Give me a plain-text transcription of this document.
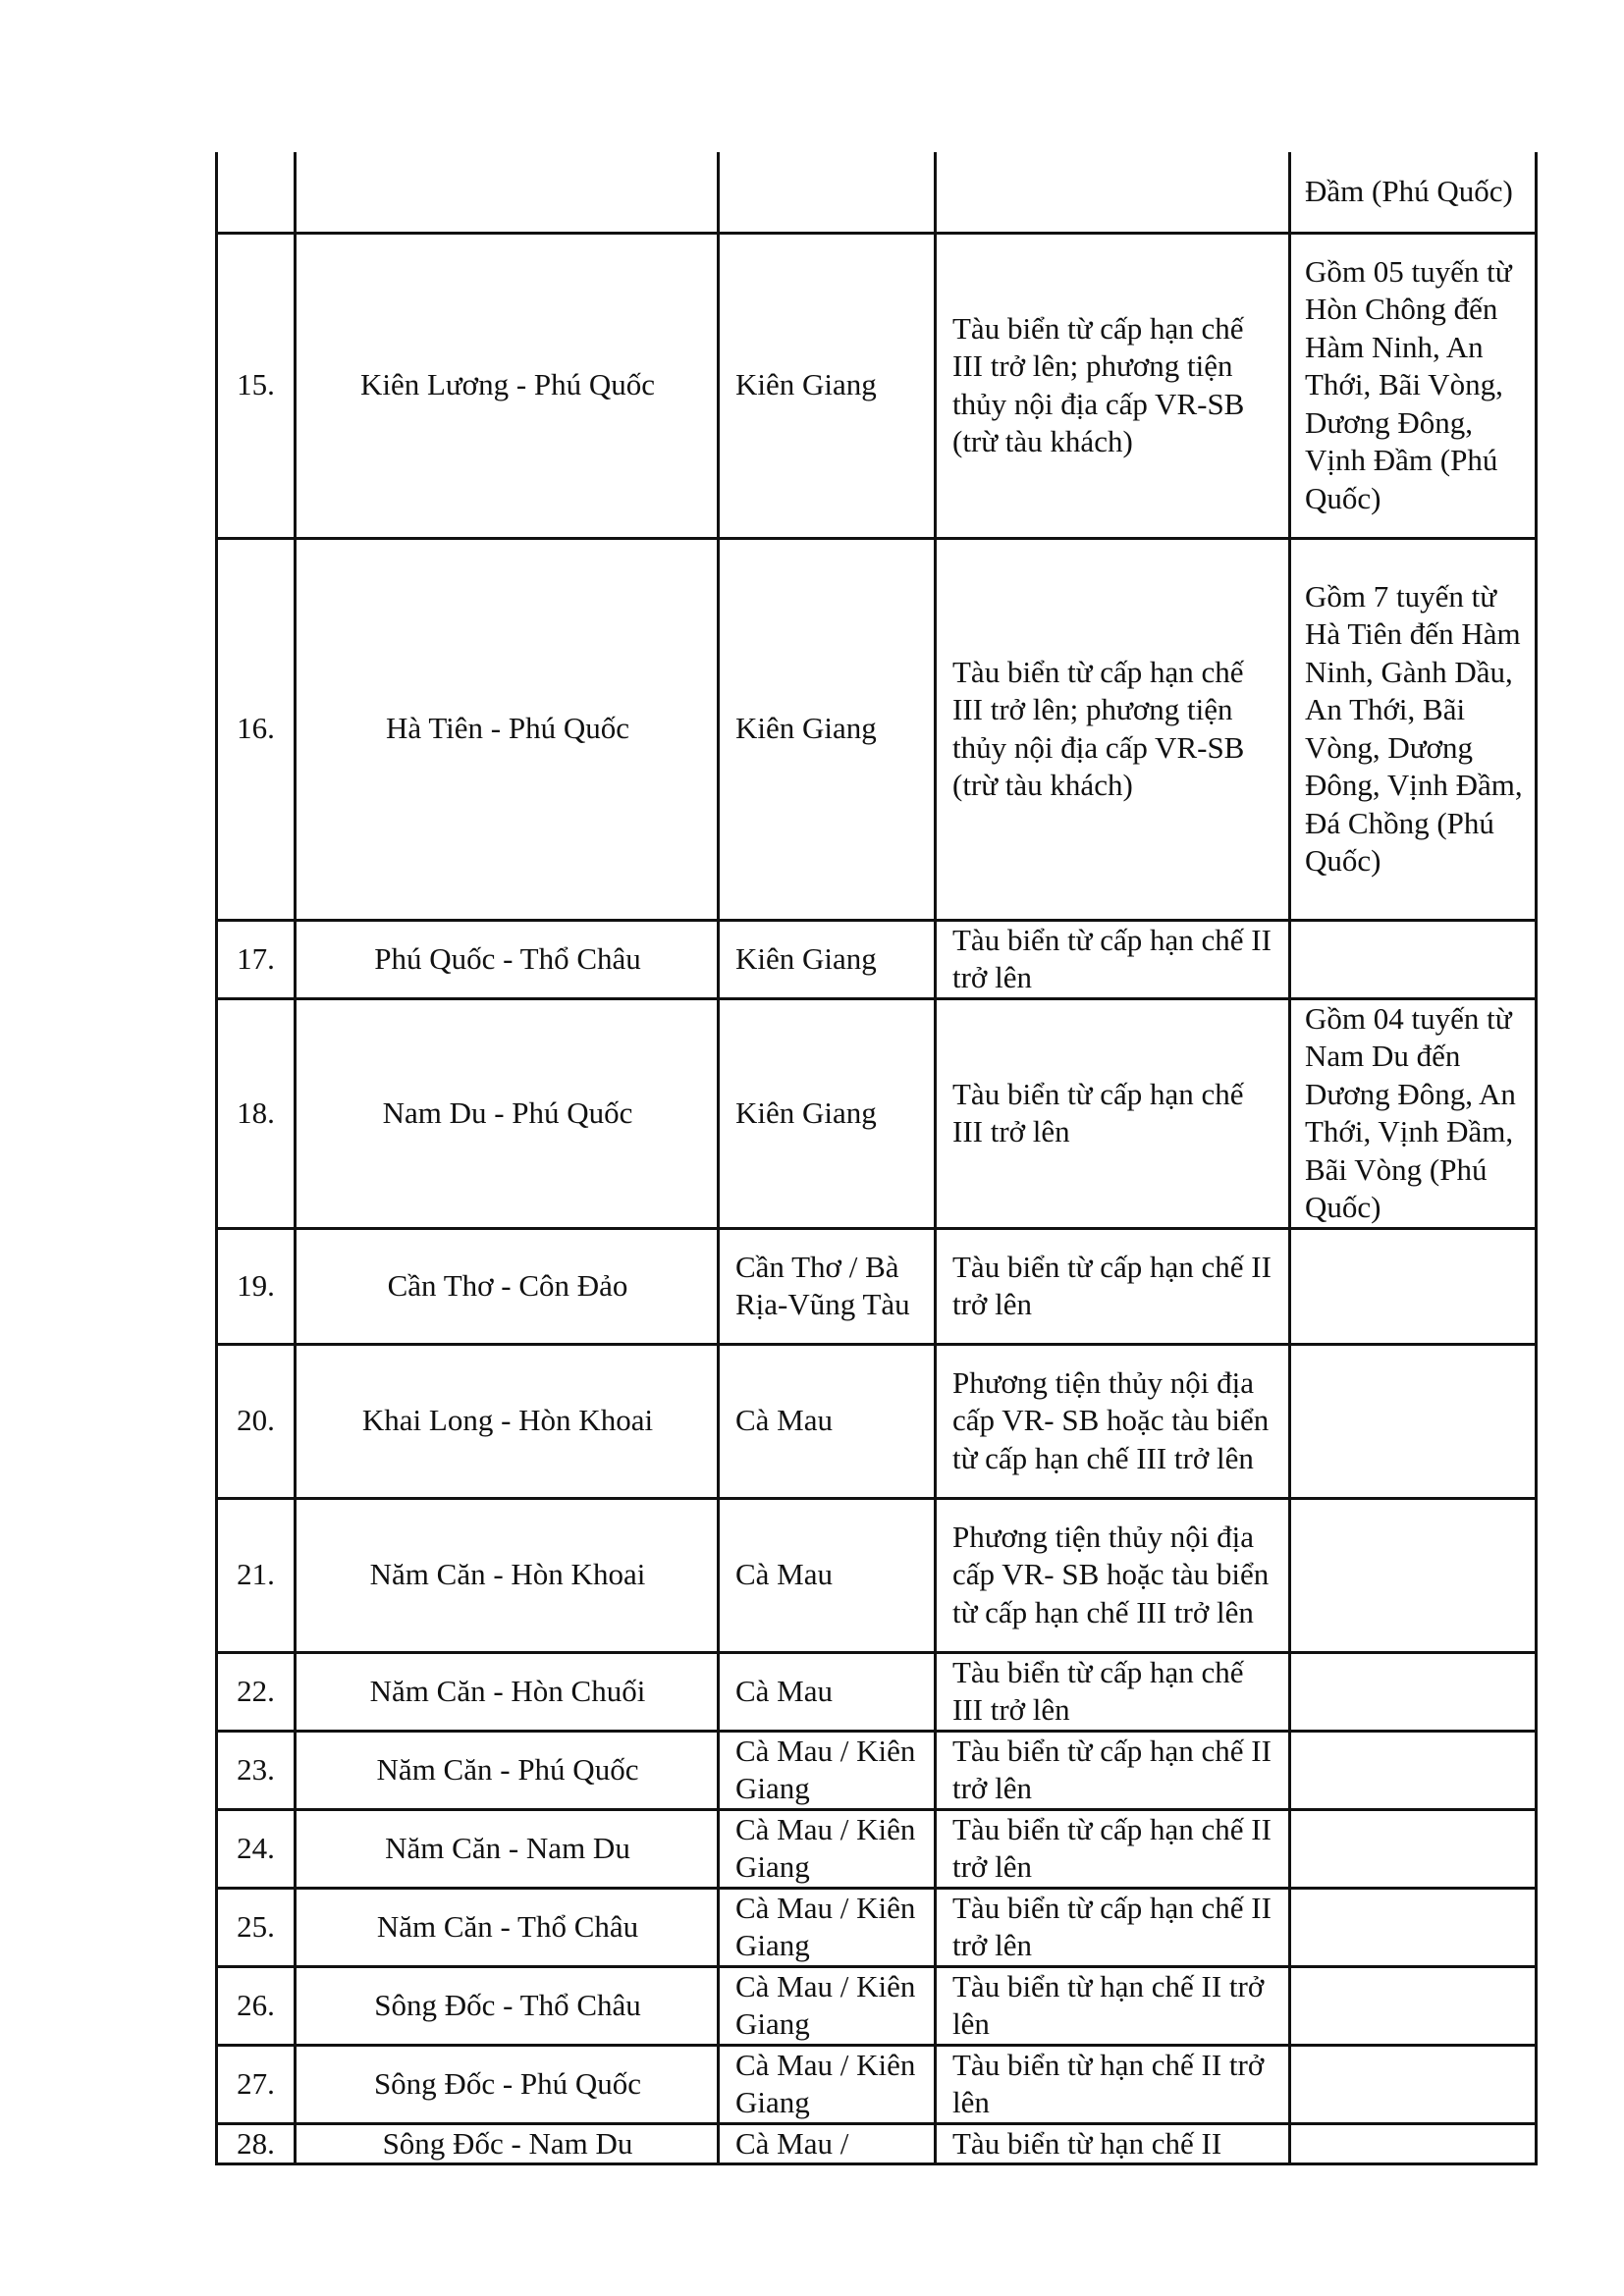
				Đầm (Phú Quốc)
15.	Kiên Lương - Phú Quốc	Kiên Giang	Tàu biển từ cấp hạn chế III trở lên; phương tiện thủy nội địa cấp VR-SB (trừ tàu khách)	Gồm 05 tuyến từ Hòn Chông đến Hàm Ninh, An Thới, Bãi Vòng, Dương Đông, Vịnh Đầm (Phú Quốc)
16.	Hà Tiên - Phú Quốc	Kiên Giang	Tàu biển từ cấp hạn chế III trở lên; phương tiện thủy nội địa cấp VR-SB (trừ tàu khách)	Gồm 7 tuyến từ Hà Tiên đến Hàm Ninh, Gành Dầu, An Thới, Bãi Vòng, Dương Đông, Vịnh Đầm, Đá Chồng (Phú Quốc)
17.	Phú Quốc - Thổ Châu	Kiên Giang	Tàu biển từ cấp hạn chế II trở lên	
18.	Nam Du - Phú Quốc	Kiên Giang	Tàu biển từ cấp hạn chế III trở lên	Gồm 04 tuyến từ Nam Du đến Dương Đông, An Thới, Vịnh Đầm, Bãi Vòng (Phú Quốc)
19.	Cần Thơ - Côn Đảo	Cần Thơ / Bà Rịa-Vũng Tàu	Tàu biển từ cấp hạn chế II trở lên	
20.	Khai Long - Hòn Khoai	Cà Mau	Phương tiện thủy nội địa cấp VR- SB hoặc tàu biển từ cấp hạn chế III trở lên	
21.	Năm Căn - Hòn Khoai	Cà Mau	Phương tiện thủy nội địa cấp VR- SB hoặc tàu biển từ cấp hạn chế III trở lên	
22.	Năm Căn - Hòn Chuối	Cà Mau	Tàu biển từ cấp hạn chế III trở lên	
23.	Năm Căn - Phú Quốc	Cà Mau / Kiên Giang	Tàu biển từ cấp hạn chế II trở lên	
24.	Năm Căn - Nam Du	Cà Mau / Kiên Giang	Tàu biển từ cấp hạn chế II trở lên	
25.	Năm Căn - Thổ Châu	Cà Mau / Kiên Giang	Tàu biển từ cấp hạn chế II trở lên	
26.	Sông Đốc - Thổ Châu	Cà Mau / Kiên Giang	Tàu biển từ hạn chế II trở lên	
27.	Sông Đốc - Phú Quốc	Cà Mau / Kiên Giang	Tàu biển từ hạn chế II trở lên	
28.	Sông Đốc - Nam Du	Cà Mau /	Tàu biển từ hạn chế II	
